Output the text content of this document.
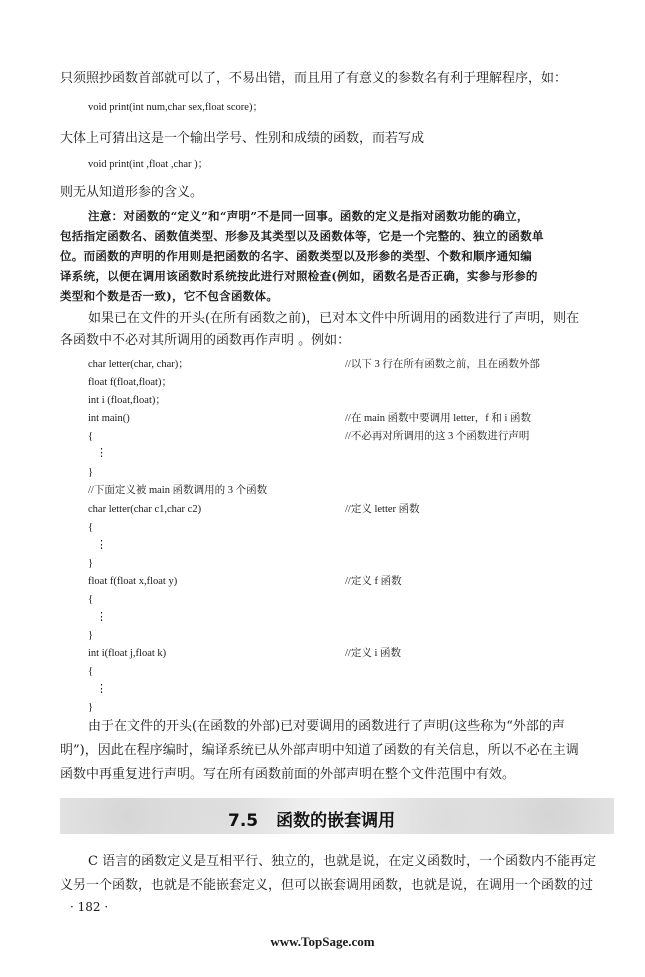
只须照抄函数首部就可以了，不易出错，而且用了有意义的参数名有利于理解程序，如：
void print(int num,char sex,float score)；
大体上可猜出这是一个输出学号、性别和成绩的函数，而若写成
void print(int ,float ,char )；
则无从知道形参的含义。
注意：对函数的“定义”和“声明”不是同一回事。函数的定义是指对函数功能的确立，
包括指定函数名、函数值类型、形参及其类型以及函数体等，它是一个完整的、独立的函数单
位。而函数的声明的作用则是把函数的名字、函数类型以及形参的类型、个数和顺序通知编
译系统，以便在调用该函数时系统按此进行对照检查(例如，函数名是否正确，实参与形参的
类型和个数是否一致)，它不包含函数体。
如果已在文件的开头(在所有函数之前)，已对本文件中所调用的函数进行了声明，则在
各函数中不必对其所调用的函数再作声明 。例如：
char letter(char, char)；	//以下 3 行在所有函数之前，且在函数外部
float f(float,float)；
int i (float,float)；
int main()	//在 main 函数中要调用 letter，f 和 i 函数
{	//不必再对所调用的这 3 个函数进行声明
⋮
}
//下面定义被 main 函数调用的 3 个函数
char letter(char c1,char c2)	//定义 letter 函数
{
⋮
}
float f(float x,float y)	//定义 f 函数
{
⋮
}
int i(float j,float k)	//定义 i 函数
{
⋮
}
由于在文件的开头(在函数的外部)已对要调用的函数进行了声明(这些称为“外部的声
明”)，因此在程序编时，编译系统已从外部声明中知道了函数的有关信息，所以不必在主调
函数中再重复进行声明。写在所有函数前面的外部声明在整个文件范围中有效。
7.5 函数的嵌套调用
C 语言的函数定义是互相平行、独立的，也就是说，在定义函数时，一个函数内不能再定
义另一个函数，也就是不能嵌套定义，但可以嵌套调用函数，也就是说，在调用一个函数的过
· 182 ·
www.TopSage.com
